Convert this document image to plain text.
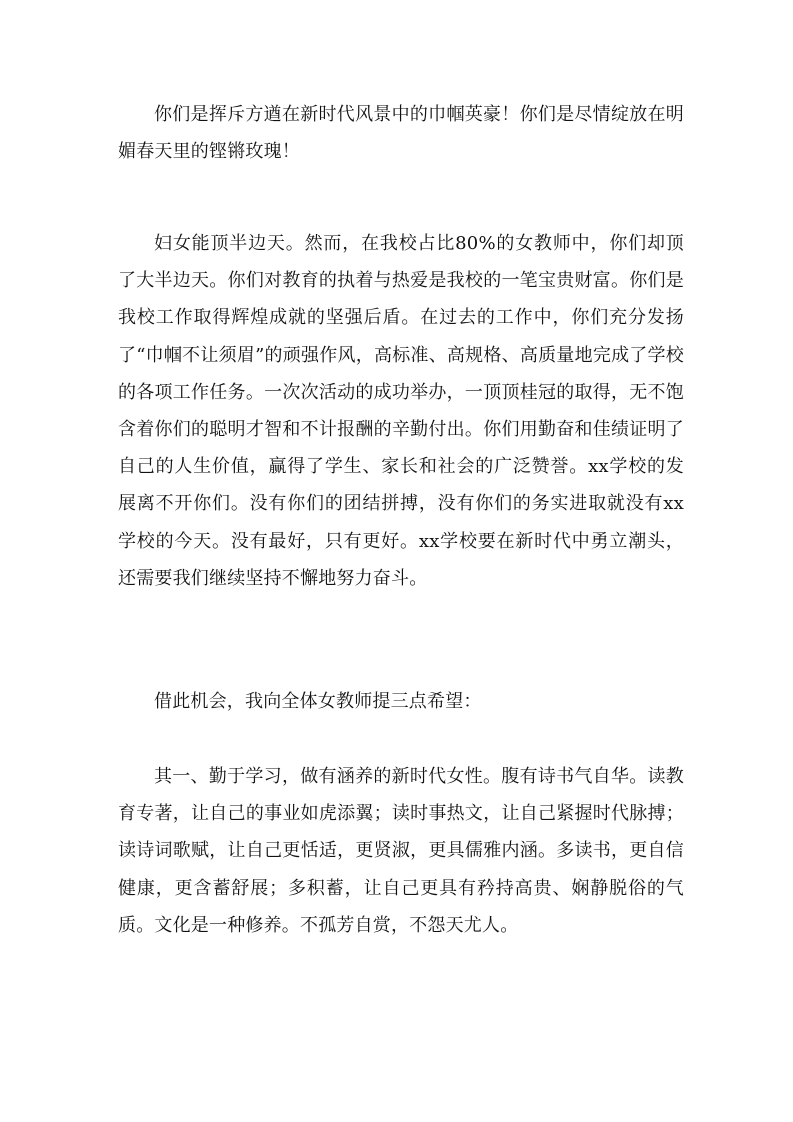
你们是挥斥方遒在新时代风景中的巾帼英豪！你们是尽情绽放在明媚春天里的铿锵玫瑰！

妇女能顶半边天。然而，在我校占比80%的女教师中，你们却顶了大半边天。你们对教育的执着与热爱是我校的一笔宝贵财富。你们是我校工作取得辉煌成就的坚强后盾。在过去的工作中，你们充分发扬了“巾帼不让须眉”的顽强作风，高标准、高规格、高质量地完成了学校的各项工作任务。一次次活动的成功举办，一顶顶桂冠的取得，无不饱含着你们的聪明才智和不计报酬的辛勤付出。你们用勤奋和佳绩证明了自己的人生价值，赢得了学生、家长和社会的广泛赞誉。xx学校的发展离不开你们。没有你们的团结拼搏，没有你们的务实进取就没有xx学校的今天。没有最好，只有更好。xx学校要在新时代中勇立潮头，还需要我们继续坚持不懈地努力奋斗。

借此机会，我向全体女教师提三点希望：

其一、勤于学习，做有涵养的新时代女性。腹有诗书气自华。读教育专著，让自己的事业如虎添翼；读时事热文，让自己紧握时代脉搏；读诗词歌赋，让自己更恬适，更贤淑，更具儒雅内涵。多读书，更自信健康，更含蓄舒展；多积蓄，让自己更具有矜持高贵、娴静脱俗的气质。文化是一种修养。不孤芳自赏，不怨天尤人。
